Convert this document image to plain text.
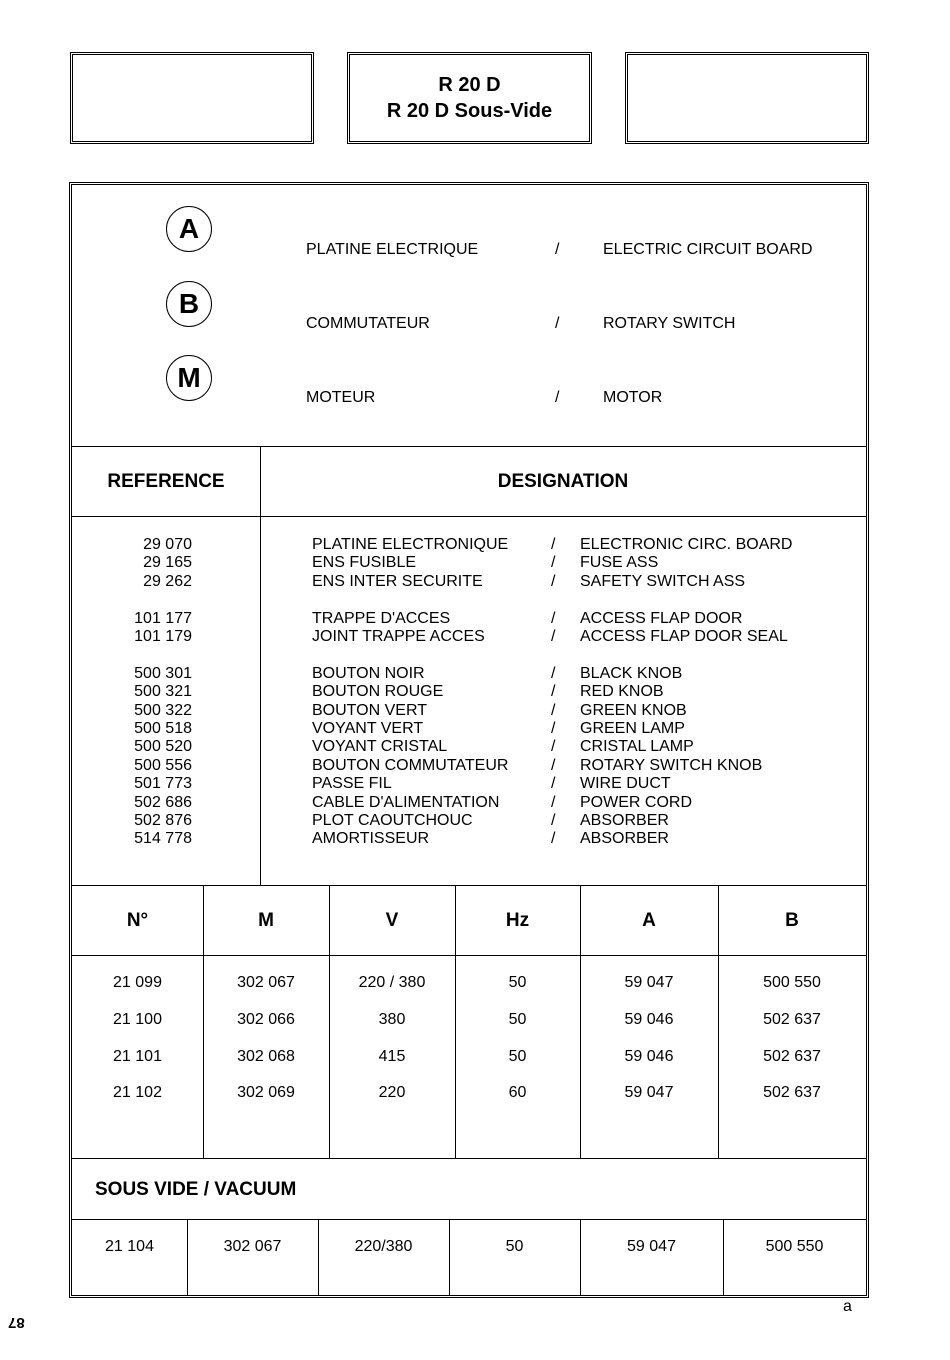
R 20 D
R 20 D Sous-Vide
A
PLATINE ELECTRIQUE	/	ELECTRIC CIRCUIT BOARD
B
COMMUTATEUR	/	ROTARY SWITCH
M
MOTEUR	/	MOTOR
REFERENCE	DESIGNATION
29 070	PLATINE ELECTRONIQUE	/ ELECTRONIC CIRC. BOARD
29 165	ENS FUSIBLE	/ FUSE ASS
29 262	ENS INTER SECURITE	/ SAFETY SWITCH ASS
101 177	TRAPPE D'ACCES	/ ACCESS FLAP DOOR
101 179	JOINT TRAPPE ACCES	/ ACCESS FLAP DOOR SEAL
500 301	BOUTON NOIR	/ BLACK KNOB
500 321	BOUTON ROUGE	/ RED KNOB
500 322	BOUTON VERT	/ GREEN KNOB
500 518	VOYANT VERT	/ GREEN LAMP
500 520	VOYANT CRISTAL	/ CRISTAL LAMP
500 556	BOUTON COMMUTATEUR	/ ROTARY SWITCH KNOB
501 773	PASSE FIL	/ WIRE DUCT
502 686	CABLE D'ALIMENTATION	/ POWER CORD
502 876	PLOT CAOUTCHOUC	/ ABSORBER
514 778	AMORTISSEUR	/ ABSORBER
N°	M	V	Hz	A	B
21 099	302 067	220 / 380	50	59 047	500 550
21 100	302 066	380	50	59 046	502 637
21 101	302 068	415	50	59 046	502 637
21 102	302 069	220	60	59 047	502 637
SOUS VIDE / VACUUM
21 104	302 067	220/380	50	59 047	500 550
a
87
